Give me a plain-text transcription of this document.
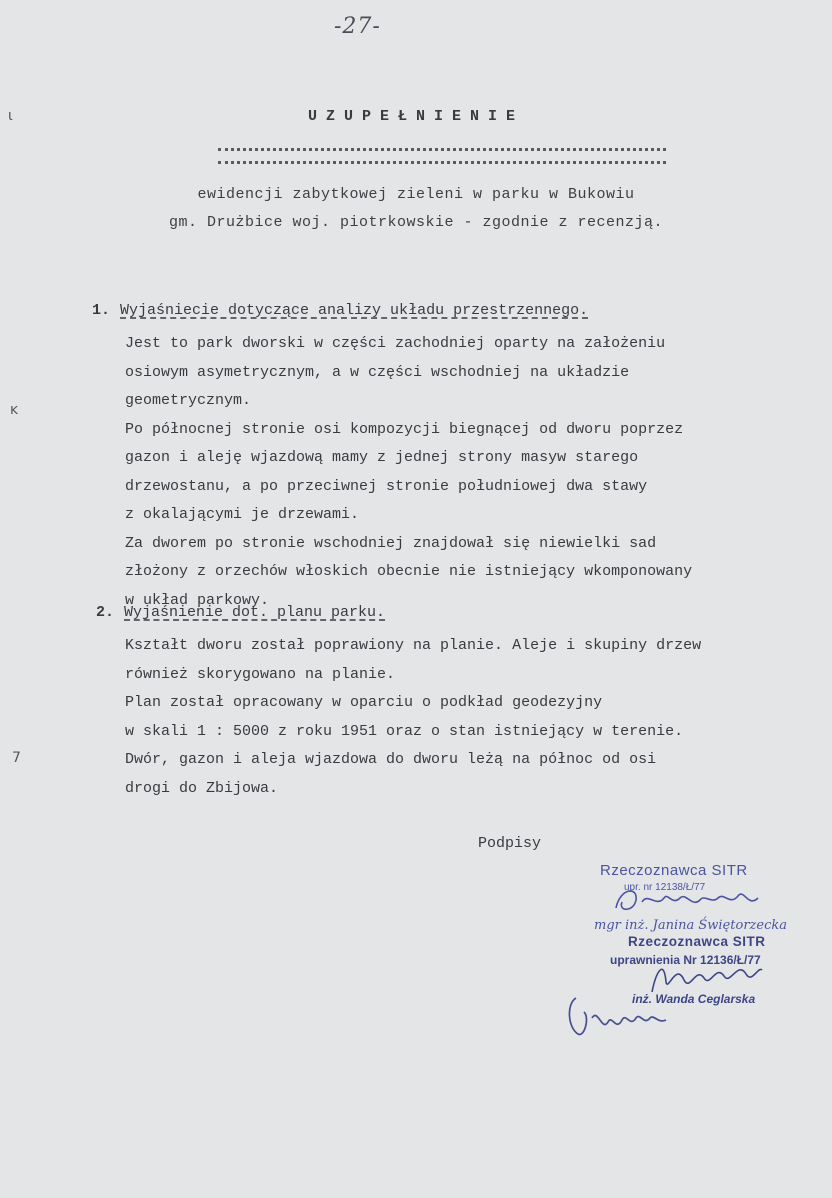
-27-
ɩ
ĸ
7
UZUPEŁNIENIE
ewidencji zabytkowej zieleni w parku w Bukowiu
gm. Drużbice woj. piotrkowskie - zgodnie z recenzją.
1. Wyjaśniecie dotyczące analizy układu przestrzennego.
Jest to park dworski w części zachodniej oparty na założeniu
osiowym asymetrycznym, a w części wschodniej na układzie
geometrycznym.
Po północnej stronie osi kompozycji biegnącej od dworu poprzez
gazon i aleję wjazdową mamy z jednej strony masyw starego
drzewostanu, a po przeciwnej stronie południowej dwa stawy
z okalającymi je drzewami.
Za dworem po stronie wschodniej znajdował się niewielki sad
złożony z orzechów włoskich obecnie nie istniejący wkomponowany
w układ parkowy.
2. Wyjaśnienie dot. planu parku.
Kształt dworu został poprawiony na planie. Aleje i skupiny drzew
również skorygowano na planie.
Plan został opracowany w oparciu o podkład geodezyjny
w skali 1 : 5000 z roku 1951 oraz o stan istniejący w terenie.
Dwór, gazon i aleja wjazdowa do dworu leżą na północ od osi
drogi do Zbijowa.
Podpisy
Rzeczoznawca SITR
upr. nr 12138/Ł/77
mgr inż. Janina Świętorzecka
Rzeczoznawca SITR
uprawnienia Nr 12136/Ł/77
inż. Wanda Ceglarska
